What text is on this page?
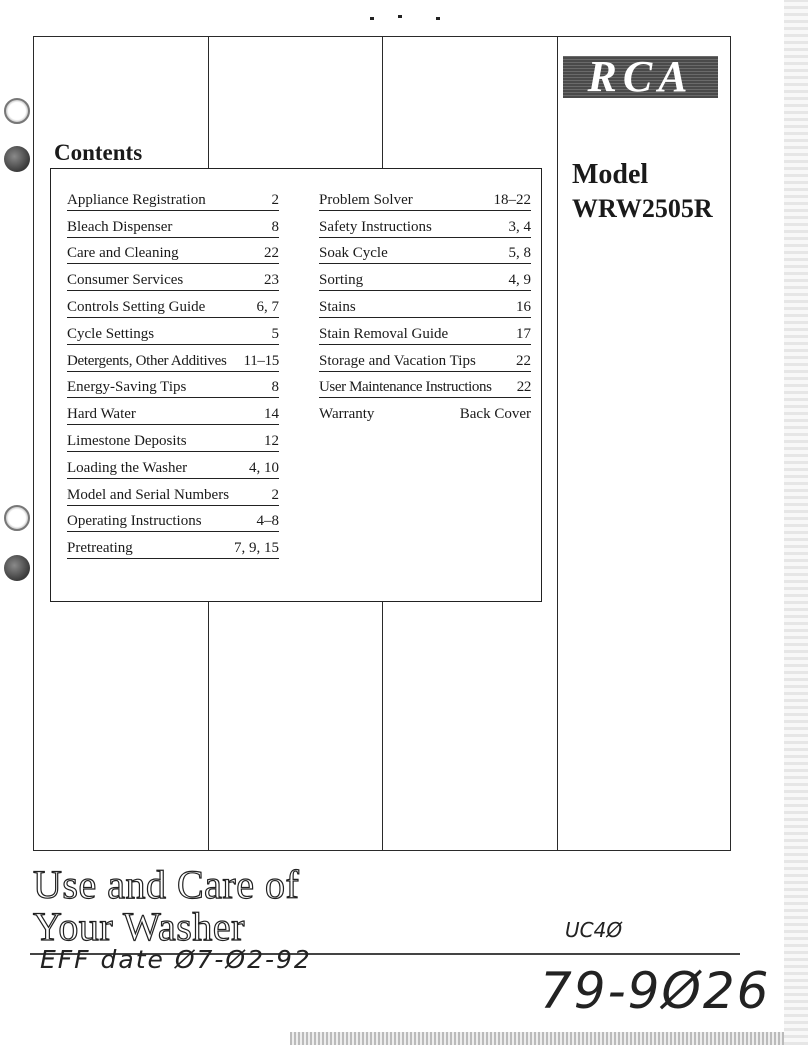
RCA
Model
WRW2505R
Contents
Appliance Registration	2
Bleach Dispenser	8
Care and Cleaning	22
Consumer Services	23
Controls Setting Guide	6, 7
Cycle Settings	5
Detergents, Other Additives 11–15
Energy-Saving Tips	8
Hard Water	14
Limestone Deposits	12
Loading the Washer	4, 10
Model and Serial Numbers	2
Operating Instructions	4–8
Pretreating	7, 9, 15
Problem Solver	18–22
Safety Instructions	3, 4
Soak Cycle	5, 8
Sorting	4, 9
Stains	16
Stain Removal Guide	17
Storage and Vacation Tips	22
User Maintenance Instructions 22
Warranty	Back Cover
Use and Care of
Your Washer	UC4Ø
EFF date Ø7-Ø2-92
79-9Ø26
